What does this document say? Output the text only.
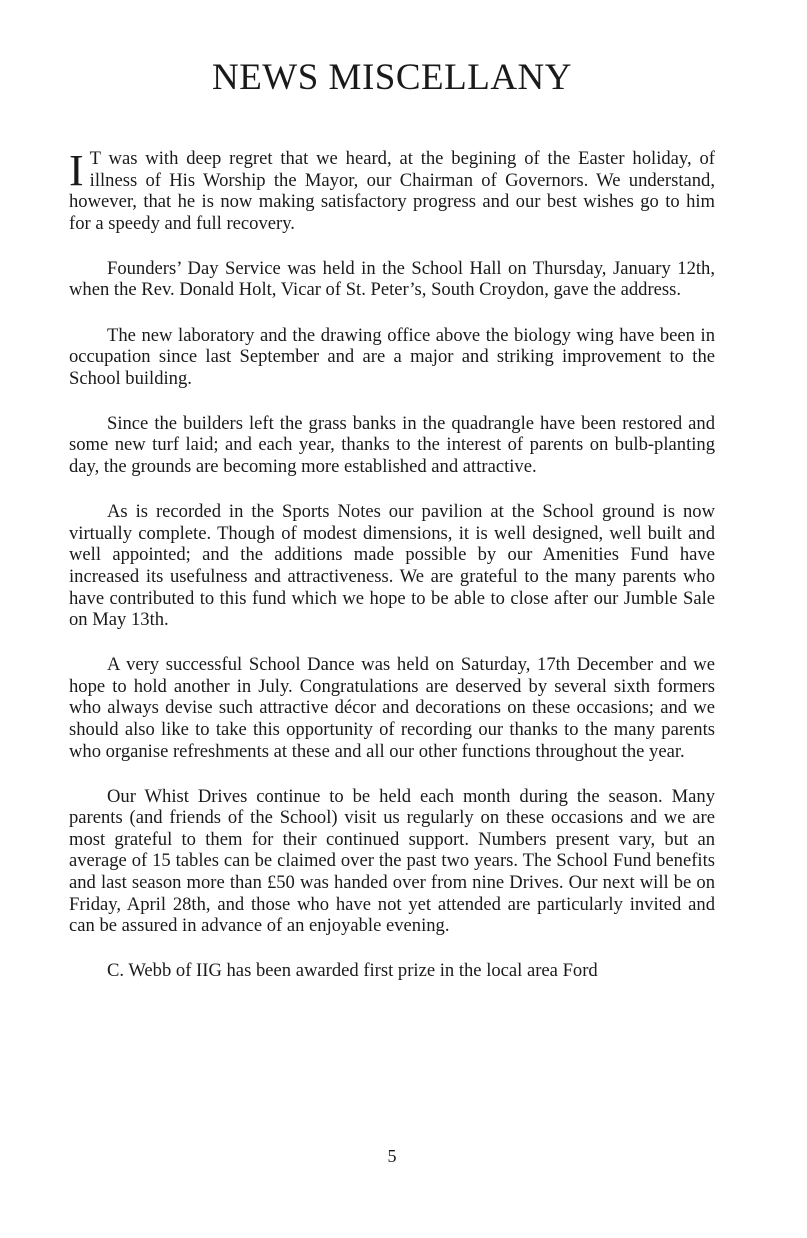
NEWS MISCELLANY

I T was with deep regret that we heard, at the begining of the Easter holiday, of illness of His Worship the Mayor, our Chairman of Governors. We understand, however, that he is now making satisfactory progress and our best wishes go to him for a speedy and full recovery.

Founders’ Day Service was held in the School Hall on Thursday, January 12th, when the Rev. Donald Holt, Vicar of St. Peter’s, South Croydon, gave the address.

The new laboratory and the drawing office above the biology wing have been in occupation since last September and are a major and striking improvement to the School building.

Since the builders left the grass banks in the quadrangle have been restored and some new turf laid; and each year, thanks to the interest of parents on bulb-planting day, the grounds are becoming more established and attractive.

As is recorded in the Sports Notes our pavilion at the School ground is now virtually complete. Though of modest dimensions, it is well designed, well built and well appointed; and the additions made possible by our Amenities Fund have increased its usefulness and attractiveness. We are grateful to the many parents who have contributed to this fund which we hope to be able to close after our Jumble Sale on May 13th.

A very successful School Dance was held on Saturday, 17th December and we hope to hold another in July. Congratulations are deserved by several sixth formers who always devise such attractive décor and decorations on these occasions; and we should also like to take this opportunity of recording our thanks to the many parents who organise refreshments at these and all our other functions throughout the year.

Our Whist Drives continue to be held each month during the season. Many parents (and friends of the School) visit us regularly on these occasions and we are most grateful to them for their continued support. Numbers present vary, but an average of 15 tables can be claimed over the past two years. The School Fund benefits and last season more than £50 was handed over from nine Drives. Our next will be on Friday, April 28th, and those who have not yet attended are particularly invited and can be assured in advance of an enjoyable evening.

C. Webb of IIG has been awarded first prize in the local area Ford

5
